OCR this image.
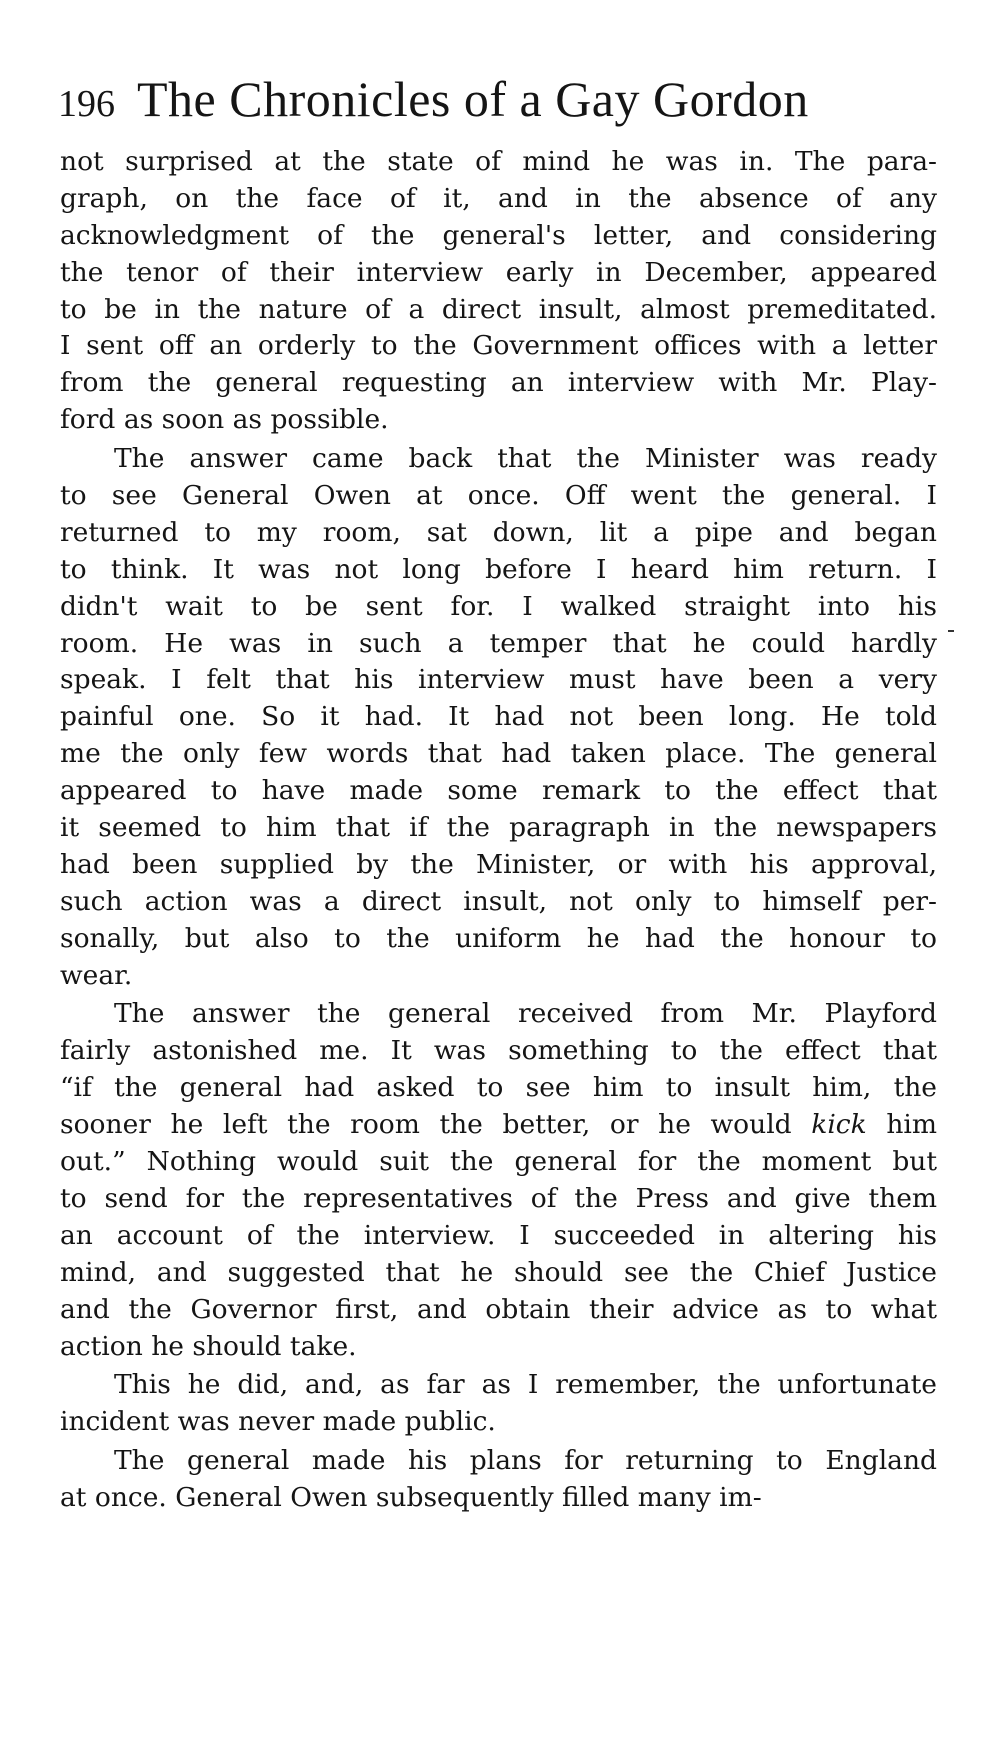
196 The Chronicles of a Gay Gordon
not surprised at the state of mind he was in. The para-
graph, on the face of it, and in the absence of any
acknowledgment of the general's letter, and considering
the tenor of their interview early in December, appeared
to be in the nature of a direct insult, almost premeditated.
I sent off an orderly to the Government offices with a letter
from the general requesting an interview with Mr. Play-
ford as soon as possible.
The answer came back that the Minister was ready
to see General Owen at once. Off went the general. I
returned to my room, sat down, lit a pipe and began
to think. It was not long before I heard him return. I
didn't wait to be sent for. I walked straight into his
room. He was in such a temper that he could hardly
speak. I felt that his interview must have been a very
painful one. So it had. It had not been long. He told
me the only few words that had taken place. The general
appeared to have made some remark to the effect that
it seemed to him that if the paragraph in the newspapers
had been supplied by the Minister, or with his approval,
such action was a direct insult, not only to himself per-
sonally, but also to the uniform he had the honour to
wear.
The answer the general received from Mr. Playford
fairly astonished me. It was something to the effect that
“if the general had asked to see him to insult him, the
sooner he left the room the better, or he would kick him
out.” Nothing would suit the general for the moment but
to send for the representatives of the Press and give them
an account of the interview. I succeeded in altering his
mind, and suggested that he should see the Chief Justice
and the Governor first, and obtain their advice as to what
action he should take.
This he did, and, as far as I remember, the unfortunate
incident was never made public.
The general made his plans for returning to England
at once. General Owen subsequently filled many im-
